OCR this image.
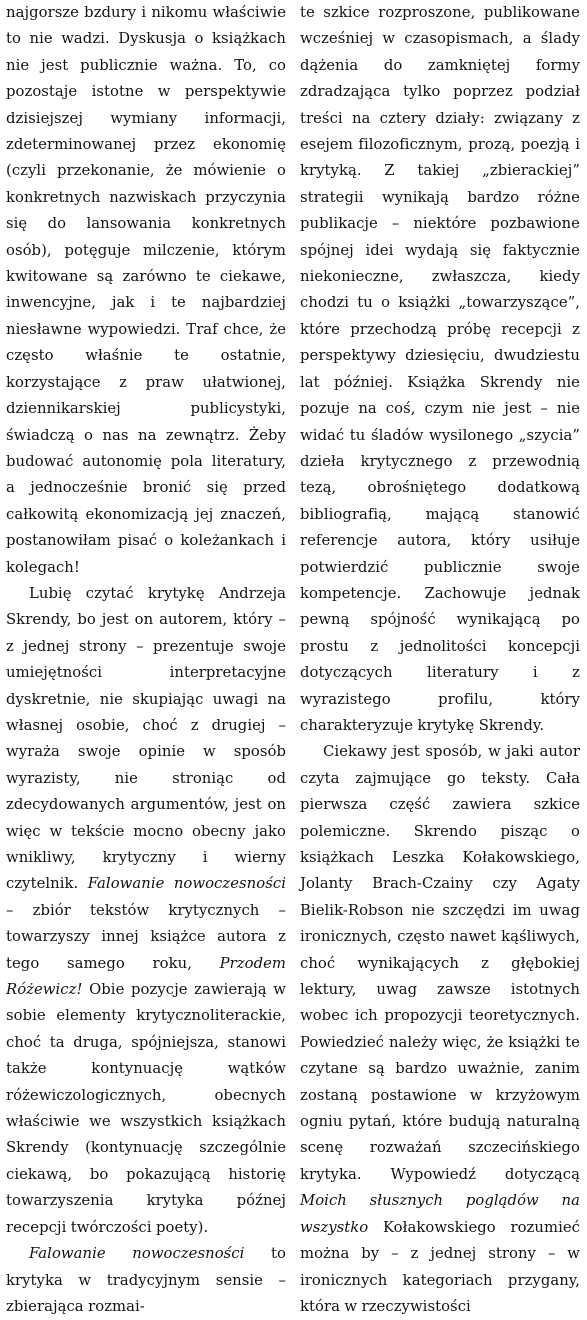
najgorsze bzdury i nikomu właściwie to nie wadzi. Dyskusja o książkach nie jest publicznie ważna. To, co pozostaje istotne w perspektywie dzisiejszej wymiany informacji, zdeterminowanej przez ekonomię (czyli przekonanie, że mówienie o konkretnych nazwiskach przyczynia się do lansowania konkretnych osób), potęguje milczenie, którym kwitowane są zarówno te ciekawe, inwencyjne, jak i te najbardziej niesławne wypowiedzi. Traf chce, że często właśnie te ostatnie, korzystające z praw ułatwionej, dziennikarskiej publicystyki, świadczą o nas na zewnątrz. Żeby budować autonomię pola literatury, a jednocześnie bronić się przed całkowitą ekonomizacją jej znaczeń, postanowiłam pisać o koleżankach i kolegach!

Lubię czytać krytykę Andrzeja Skrendy, bo jest on autorem, który – z jednej strony – prezentuje swoje umiejętności interpretacyjne dyskretnie, nie skupiając uwagi na własnej osobie, choć z drugiej – wyraża swoje opinie w sposób wyrazisty, nie stroniąc od zdecydowanych argumentów, jest on więc w tekście mocno obecny jako wnikliwy, krytyczny i wierny czytelnik. Falowanie nowoczesności – zbiór tekstów krytycznych – towarzyszy innej książce autora z tego samego roku, Przodem Różewicz! Obie pozycje zawierają w sobie elementy krytycznoliterackie, choć ta druga, spójniejsza, stanowi także kontynuację wątków różewiczologicznych, obecnych właściwie we wszystkich książkach Skrendy (kontynuację szczególnie ciekawą, bo pokazującą historię towarzyszenia krytyka późnej recepcji twórczości poety).

Falowanie nowoczesności to krytyka w tradycyjnym sensie – zbierająca rozmai-

te szkice rozproszone, publikowane wcześniej w czasopismach, a ślady dążenia do zamkniętej formy zdradzająca tylko poprzez podział treści na cztery działy: związany z esejem filozoficznym, prozą, poezją i krytyką. Z takiej „zbierackiej” strategii wynikają bardzo różne publikacje – niektóre pozbawione spójnej idei wydają się faktycznie niekonieczne, zwłaszcza, kiedy chodzi tu o książki „towarzyszące”, które przechodzą próbę recepcji z perspektywy dziesięciu, dwudziestu lat później. Książka Skrendy nie pozuje na coś, czym nie jest – nie widać tu śladów wysilonego „szycia” dzieła krytycznego z przewodnią tezą, obrośniętego dodatkową bibliografią, mającą stanowić referencje autora, który usiłuje potwierdzić publicznie swoje kompetencje. Zachowuje jednak pewną spójność wynikającą po prostu z jednolitości koncepcji dotyczących literatury i z wyrazistego profilu, który charakteryzuje krytykę Skrendy.

Ciekawy jest sposób, w jaki autor czyta zajmujące go teksty. Cała pierwsza część zawiera szkice polemiczne. Skrendo pisząc o książkach Leszka Kołakowskiego, Jolanty Brach-Czainy czy Agaty Bielik-Robson nie szczędzi im uwag ironicznych, często nawet kąśliwych, choć wynikających z głębokiej lektury, uwag zawsze istotnych wobec ich propozycji teoretycznych. Powiedzieć należy więc, że książki te czytane są bardzo uważnie, zanim zostaną postawione w krzyżowym ogniu pytań, które budują naturalną scenę rozważań szczecińskiego krytyka. Wypowiedź dotyczącą Moich słusznych poglądów na wszystko Kołakowskiego rozumieć można by – z jednej strony – w ironicznych kategoriach przygany, która w rzeczywistości
